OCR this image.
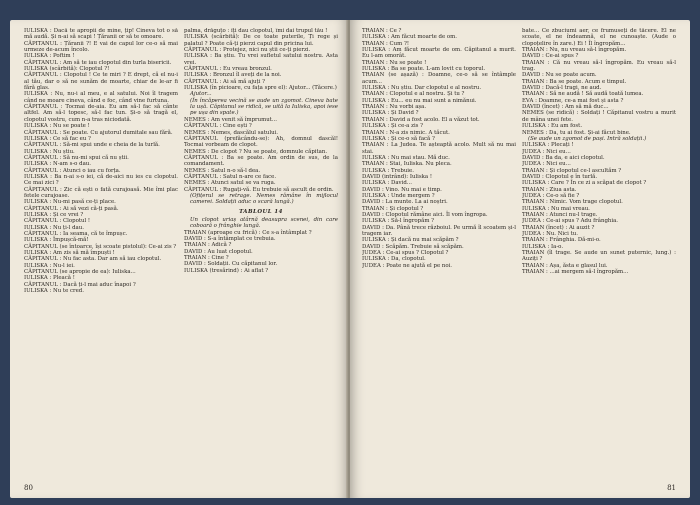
IULISKA : Dacă te apropii de mine, țip! Cineva tot o să mă audă. Și n-ai să scapi ! Țăranii or să te omoare.

CĂPITANUL : Țăranii ?! E vai de capul lor ce-o să mai urmeze de-acum încolo.

IULISKA : Poftim !

CĂPITANUL : Am să te iau clopotul din turla bisericii.

IULISKA (scârbită): Clopotul ?!

CĂPITANUL : Clopotul ! Ce te miri ? E drept, că el nu-i al tău, dar o să ne sunăm de moarte, chiar de le-ar fi fără glas.

IULISKA : Nu, nu-i al meu, e al satului. Noi îl tragem când ne moare cineva, când e foc, când vine furtuna.

CĂPITANUL : Tocmai de-aia. Eu am să-l fac să cânte altfel. Am să-l topesc, să-l fac tun. Și-o să tragă el, clopotul vostru, cum n-a tras niciodată.

IULISKA : Nu se poate !

CĂPITANUL : Se poate. Cu ajutorul dumitale sau fără.

IULISKA : Ce să fac eu ?

CĂPITANUL : Să-mi spui unde e cheia de la turlă.

IULISKA : Nu știu.

CĂPITANUL : Să nu-mi spui că nu știi.

IULISKA : N-am s-o dau.

CĂPITANUL : Atunci o iau cu forța.

IULISKA : Ba n-ai s-o iei, că de-aici nu ies cu clopotul. Ce mai zici ?

CĂPITANUL : Zic că ești o fată curajoasă. Mie îmi plac fetele curajoase.

IULISKA : Nu-mi pasă ce-ți place.

CĂPITANUL : Ai să vezi că-ți pasă.

IULISKA : Și ce vrei ?

CĂPITANUL : Clopotul !

IULISKA : Nu ți-l dau.

CĂPITANUL : Ia seama, că te împușc.

IULISKA : Împușcă-mă!

CĂPITANUL (se întoarce, își scoate pistolul): Ce-ai zis ?

IULISKA : Am zis să mă împuști !

CĂPITANUL : Nu fac asta. Dar am să iau clopotul.

IULISKA : Nu-l iei.

CĂPITANUL (se apropie de ea): Iuliska...

IULISKA : Pleacă !

CĂPITANUL : Dacă ți-l mai aduc înapoi ?

IULISKA : Nu te cred.

palma, drăguțo : îți dau clopotul, îmi dai trupul tău !

IULISKA (scârbită): De ce toate puterile, Ți rege și palatul ? Poate că-ți pierzi capul din pricina lui.

CĂPITANUL : Protejez, nici nu știi ce-ți pierzi.

IULISKA : Ba știu. Tu vrei sufletul satului nostru. Asta vrei.

CĂPITANUL : Eu vreau bronzul.

IULISKA : Bronzul îl aveți de la noi.

CĂPITANUL : Ai să mă ajuți ?

IULISKA (în picioare, cu fața spre el): Ajutor... (Tăcere.)

Ajutor...

(În încăperea vecină se aude un zgomot. Cineva bate la ușă. Căpitanul se ridică, se uită la Iuliska, apoi iese pe ușa din spate.)

NEMES : Am venit să împrumut...

CĂPITANUL : Cine ești ?

NEMES : Nemes, dascălul satului.

CĂPITANUL (prefăcându-se): Ah, domnul dascăl! Tocmai vorbeam de clopot.

NEMES : De clopot ? Nu se poate, domnule căpitan.

CĂPITANUL : Ba se poate. Am ordin de sus, de la comandament.

NEMES : Satul n-o să-l dea.

CĂPITANUL : Satul n-are ce face.

NEMES : Atunci satul se va ruga.

CĂPITANUL : Rugați-vă. Eu trebuie să ascult de ordin.

(Ofițerul se retrage. Nemes rămâne în mijlocul camerei. Soldații aduc o scară lungă.)

TABLOUL 14

Un clopot uriaș atârnă deasupra scenei, din care coboară o frânghie lungă.

TRAIAN (aproape cu frică) : Ce s-a întâmplat ?

DAVID : S-a întâmplat ce trebuia.

TRAIAN : Adică ?

DAVID : Au luat clopotul.

TRAIAN : Cine ?

DAVID : Soldații. Cu căpitanul lor.

IULISKA (tresărind) : Ai aflat ?

80

TRAIAN : Ce ?

IULISKA : Am făcut moarte de om.

TRAIAN : Cum ?!

IULISKA : Am făcut moarte de om. Căpitanul a murit. Eu l-am omorât.

TRAIAN : Nu se poate !

IULISKA : Ba se poate. L-am lovit cu toporul.

TRAIAN (se așază) : Doamne, ce-o să se întâmple acum...

IULISKA : Nu știu. Dar clopotul e al nostru.

TRAIAN : Clopotul e al nostru. Și tu ?

IULISKA : Eu... eu nu mai sunt a nimănui.

TRAIAN : Nu vorbi așa.

IULISKA : Și David ?

TRAIAN : David a fost acolo. El a văzut tot.

IULISKA : Și ce-a zis ?

TRAIAN : N-a zis nimic. A tăcut.

IULISKA : Și ce-o să facă ?

TRAIAN : La Judea. Te așteaptă acolo. Mult să nu mai stai.

IULISKA : Nu mai stau. Mă duc.

TRAIAN : Stai, Iuliska. Nu pleca.

IULISKA : Trebuie.

DAVID (intrând): Iuliska !

IULISKA : David...

DAVID : Vino. Nu mai e timp.

IULISKA : Unde mergem ?

DAVID : La munte. La ai noștri.

TRAIAN : Și clopotul ?

DAVID : Clopotul rămâne aici. Îl vom îngropa.

IULISKA : Să-l îngropăm ?

DAVID : Da. Până trece războiul. Pe urmă îl scoatem și-l tragem iar.

IULISKA : Și dacă nu mai scăpăm ?

DAVID : Scăpăm. Trebuie să scăpăm.

JUDEA : Ce-ai spus ? Clopotul ?

IULISKA : Da, clopotul.

JUDEA : Poate ne ajută el pe noi.

bate... Ce zbuciumi aer, ce frumuseți de tăcere. El ne scoate, el ne îndeamnă, el ne cunoaște. (Aude o clopoțelire în zare.) Ei ! Îl îngropăm...

TRAIAN : Nu, nu vreau să-l îngropăm.

DAVID : Ce-ai spus ?

TRAIAN : Că nu vreau să-l îngropăm. Eu vreau să-l trag.

DAVID : Nu se poate acum.

TRAIAN : Ba se poate. Acum e timpul.

DAVID : Dacă-l tragi, ne aud.

TRAIAN : Să ne audă ! Să audă toată lumea.

EVA : Doamne, ce-a mai fost și asta ?

DAVID (încet) : Am să mă duc...

NEMES (se ridică) : Soldați ! Căpitanul vostru a murit de mâna unei fete.

IULISKA : Eu am fost.

NEMES : Da, tu ai fost. Și-ai făcut bine.

(Se aude un zgomot de pași. Intră soldații.)

IULISKA : Plecați !

JUDEA : Nici eu...

DAVID : Ba da, e aici clopotul.

JUDEA : Nici eu...

TRAIAN : Și clopotul ce-l ascultăm ?

DAVID : Clopotul e în turlă.

IULISKA : Care ? În ce zi a scăpat de clopot ?

TRAIAN : Ziua asta.

JUDEA : Ce-o să fie ?

TRAIAN : Nimic. Vom trage clopotul.

IULISKA : Nu mai vreau.

TRAIAN : Atunci nu-l trage.

JUDEA : Ce-ai spus ? Adu frânghia.

TRAIAN (încet) : Ai auzit ?

JUDEA : Nu. Nici tu.

TRAIAN : Frânghia. Dă-mi-o.

IULISKA : Ia-o.

TRAIAN (îl trage. Se aude un sunet puternic, lung.) : Auziți ?

TRAIAN : Așa, ăsta e glasul lui.

TRAIAN : ...ai mergem să-l îngropăm...

81
